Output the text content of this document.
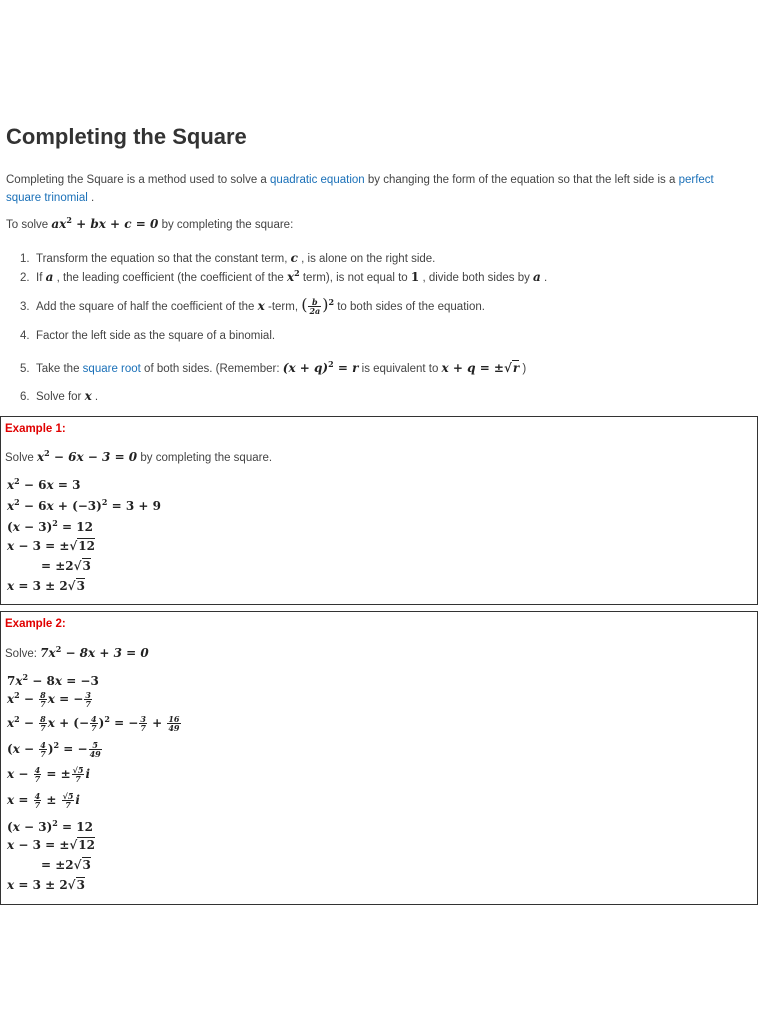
Completing the Square
Completing the Square is a method used to solve a quadratic equation by changing the form of the equation so that the left side is a perfect
square trinomial .
To solve $ax^2$ + bx + c = 0 by completing the square:
1. Transform the equation so that the constant term, c , is alone on the right side.
2. If a , the leading coefficient (the coefficient of the $x^2$ term), is not equal to 1 , divide both sides by a .
3. Add the square of half the coefficient of the x -term, ( $\frac{b}{2a} )^2$ to both sides of the equation.
4. Factor the left side as the square of a binomial.
5. Take the square root of both sides. (Remember: $(x + q)^2 = r$ is equivalent to x + q = ±√r )
6. Solve for x .
Example 1:
Solve $x^2 - 6x - 3 = 0$ by completing the square.
$x^2 - 6x = 3$
$x^2 - 6x + (-3)^2 = 3 + 9$
$(x - 3)^2 = 12$
x − 3 = ±√12
= ±2√3
x = 3 ± 2√3
Example 2:
Solve: $7x^2 - 8x + 3 = 0$
$7x^2 - 8x = -3$
$x^2 - \frac{8}{7}$ x = − $\frac{3}{7}$
$x^2 - \frac{8}{7}$ x + (− $\frac{4}{7} )^2$ = − $\frac{3}{7} + \frac{16}{49}$
$(x - \frac{4}{7} )^2$ = − $\frac{5}{49}$
$x - \frac{4}{7}$ = ± $\frac{√5}{7}$ i
$x = \frac{4}{7} \pm \frac{√5}{7}$ i
$(x - 3)^2 = 12$
x − 3 = ±√12
= ±2√3
x = 3 ± 2√3
